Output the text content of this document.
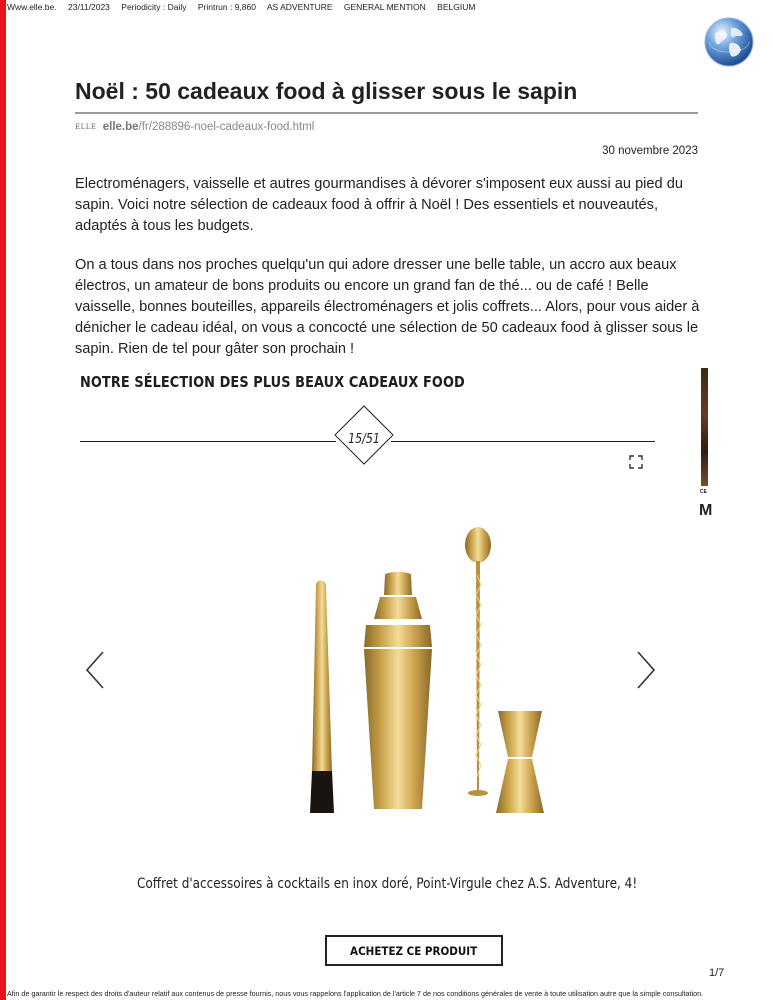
Www.elle.be. 23/11/2023 Periodicity : Daily Printrun : 9,860 AS ADVENTURE GENERAL MENTION BELGIUM
Noël : 50 cadeaux food à glisser sous le sapin
ELLE elle.be/fr/288896-noel-cadeaux-food.html
30 novembre 2023

Electroménagers, vaisselle et autres gourmandises à dévorer s'imposent eux aussi au pied du sapin. Voici notre sélection de cadeaux food à offrir à Noël ! Des essentiels et nouveautés, adaptés à tous les budgets.

On a tous dans nos proches quelqu'un qui adore dresser une belle table, un accro aux beaux électros, un amateur de bons produits ou encore un grand fan de thé... ou de café ! Belle vaisselle, bonnes bouteilles, appareils électroménagers et jolis coffrets... Alors, pour vous aider à dénicher le cadeau idéal, on vous a concocté une sélection de 50 cadeaux food à glisser sous le sapin. Rien de tel pour gâter son prochain !

NOTRE SÉLECTION DES PLUS BEAUX CADEAUX FOOD
15/51
CE
M
Coffret d'accessoires à cocktails en inox doré, Point-Virgule chez A.S. Adventure, 4!
ACHETEZ CE PRODUIT
1/7
Afin de garantir le respect des droits d'auteur relatif aux contenus de presse fournis, nous vous rappelons l'application de l'article 7 de nos conditions générales de vente à toute utilisation autre que la simple consultation.
